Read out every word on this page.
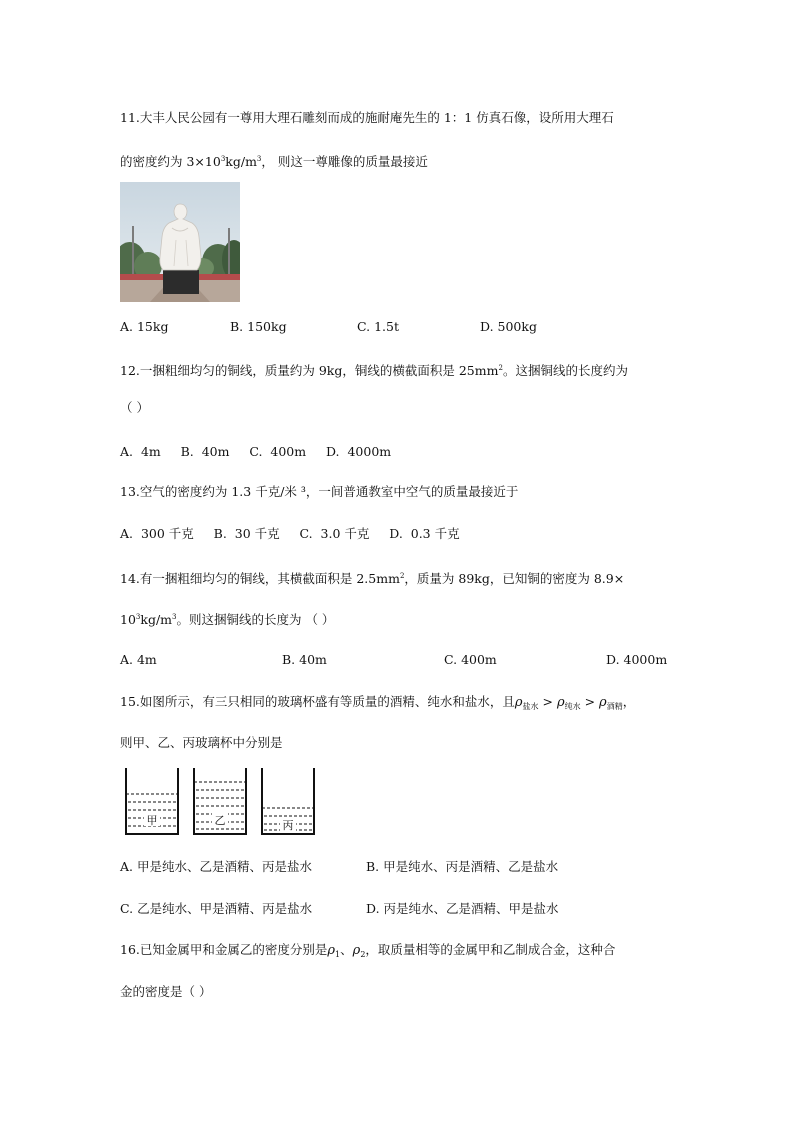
11.大丰人民公园有一尊用大理石雕刻而成的施耐庵先生的 1：1 仿真石像，设所用大理石
的密度约为 $3\times 10^3kg/m^3$， 则这一尊雕像的质量最接近
A. 15kg	B. 150kg	C. 1.5t	D. 500kg
12.一捆粗细均匀的铜线，质量约为 9kg，铜线的横截面积是 $25mm^2$。这捆铜线的长度约为
（ ）
A.  4m     B.  40m     C.  400m     D.  4000m
13.空气的密度约为 1.3 千克/米 ³，一间普通教室中空气的质量最接近于
A.  300 千克     B.  30 千克     C.  3.0 千克     D.  0.3 千克
14.有一捆粗细均匀的铜线，其横截面积是 $2.5mm^2$，质量为 89kg，已知铜的密度为 8.9×
$10^3kg/m^3$。则这捆铜线的长度为 （ ）
A. 4m	B. 40m	C. 400m	D. 4000m
15.如图所示，有三只相同的玻璃杯盛有等质量的酒精、纯水和盐水，且$\rho_{盐水} > \rho_{纯水} > \rho_{酒精}$，
则甲、乙、丙玻璃杯中分别是
甲	乙	丙
A. 甲是纯水、乙是酒精、丙是盐水	B. 甲是纯水、丙是酒精、乙是盐水
C. 乙是纯水、甲是酒精、丙是盐水	D. 丙是纯水、乙是酒精、甲是盐水
16.已知金属甲和金属乙的密度分别是$\rho_1$、$\rho_2$，取质量相等的金属甲和乙制成合金，这种合
金的密度是（ ）
